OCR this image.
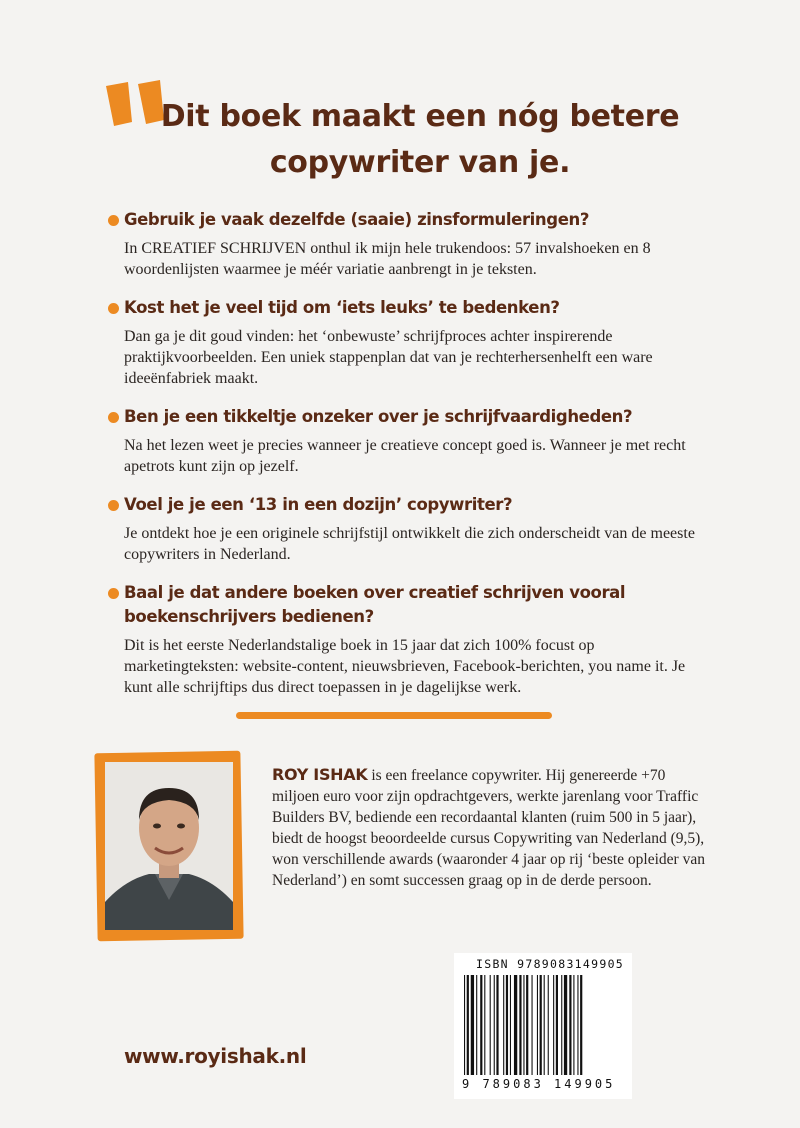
Dit boek maakt een nóg betere
copywriter van je.
Gebruik je vaak dezelfde (saaie) zinsformuleringen?
In CREATIEF SCHRIJVEN onthul ik mijn hele trukendoos: 57 invalshoeken en 8 woordenlijsten waarmee je méér variatie aanbrengt in je teksten.
Kost het je veel tijd om ‘iets leuks’ te bedenken?
Dan ga je dit goud vinden: het ‘onbewuste’ schrijfproces achter inspirerende praktijkvoorbeelden. Een uniek stappenplan dat van je rechterhersenhelft een ware ideeënfabriek maakt.
Ben je een tikkeltje onzeker over je schrijfvaardigheden?
Na het lezen weet je precies wanneer je creatieve concept goed is. Wanneer je met recht apetrots kunt zijn op jezelf.
Voel je je een ‘13 in een dozijn’ copywriter?
Je ontdekt hoe je een originele schrijfstijl ontwikkelt die zich onderscheidt van de meeste copywriters in Nederland.
Baal je dat andere boeken over creatief schrijven vooral boekenschrijvers bedienen?
Dit is het eerste Nederlandstalige boek in 15 jaar dat zich 100% focust op marketingteksten: website-content, nieuwsbrieven, Facebook-berichten, you name it. Je kunt alle schrijftips dus direct toepassen in je dagelijkse werk.
ROY ISHAK is een freelance copywriter. Hij genereerde +70 miljoen euro voor zijn opdrachtgevers, werkte jarenlang voor Traffic Builders BV, bediende een recordaantal klanten (ruim 500 in 5 jaar), biedt de hoogst beoordeelde cursus Copywriting van Nederland (9,5), won verschillende awards (waaronder 4 jaar op rij ‘beste opleider van Nederland’) en somt successen graag op in de derde persoon.
ISBN 9789083149905
9 789083 149905
www.royishak.nl
